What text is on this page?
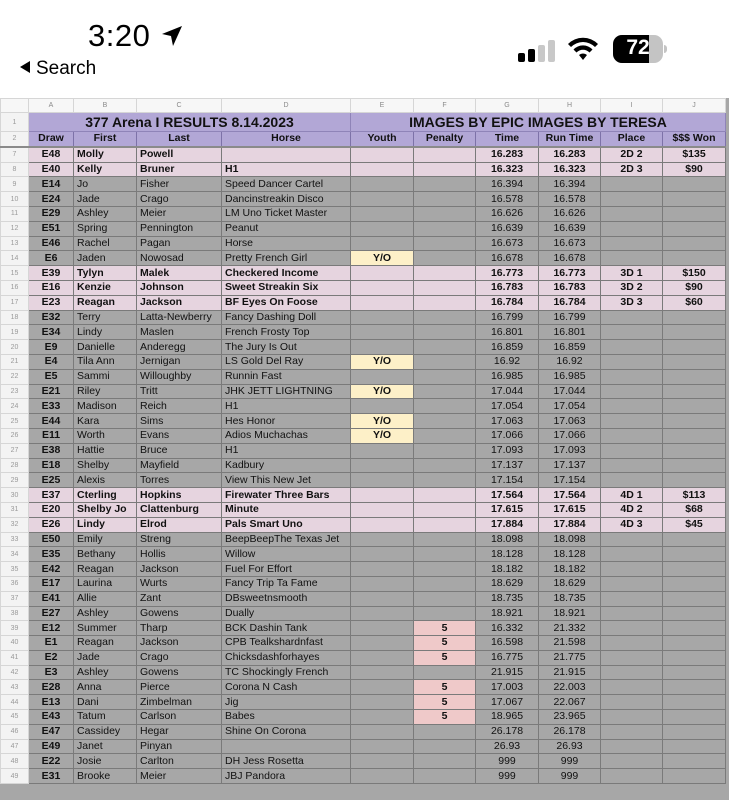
3:20
Search
72
	A	B	C	D	E	F	G	H	I	J
1	377 Arena I RESULTS 8.14.2023				IMAGES BY EPIC IMAGES BY TERESA					
2	Draw	First	Last	Horse	Youth	Penalty	Time	Run Time	Place	$$$ Won
7	E48	Molly	Powell				16.283	16.283	2D 2	$135
8	E40	Kelly	Bruner	H1			16.323	16.323	2D 3	$90
9	E14	Jo	Fisher	Speed Dancer Cartel			16.394	16.394		
10	E24	Jade	Crago	Dancinstreakin Disco			16.578	16.578		
11	E29	Ashley	Meier	LM Uno Ticket Master			16.626	16.626		
12	E51	Spring	Pennington	Peanut			16.639	16.639		
13	E46	Rachel	Pagan	Horse			16.673	16.673		
14	E6	Jaden	Nowosad	Pretty French Girl	Y/O		16.678	16.678		
15	E39	Tylyn	Malek	Checkered Income			16.773	16.773	3D 1	$150
16	E16	Kenzie	Johnson	Sweet Streakin Six			16.783	16.783	3D 2	$90
17	E23	Reagan	Jackson	BF Eyes On Foose			16.784	16.784	3D 3	$60
18	E32	Terry	Latta-Newberry	Fancy Dashing Doll			16.799	16.799		
19	E34	Lindy	Maslen	French Frosty Top			16.801	16.801		
20	E9	Danielle	Anderegg	The Jury Is Out			16.859	16.859		
21	E4	Tila Ann	Jernigan	LS Gold Del Ray	Y/O		16.92	16.92		
22	E5	Sammi	Willoughby	Runnin Fast			16.985	16.985		
23	E21	Riley	Tritt	JHK JETT LIGHTNING	Y/O		17.044	17.044		
24	E33	Madison	Reich	H1			17.054	17.054		
25	E44	Kara	Sims	Hes Honor	Y/O		17.063	17.063		
26	E11	Worth	Evans	Adios Muchachas	Y/O		17.066	17.066		
27	E38	Hattie	Bruce	H1			17.093	17.093		
28	E18	Shelby	Mayfield	Kadbury			17.137	17.137		
29	E25	Alexis	Torres	View This New Jet			17.154	17.154		
30	E37	Cterling	Hopkins	Firewater Three Bars			17.564	17.564	4D 1	$113
31	E20	Shelby Jo	Clattenburg	Minute			17.615	17.615	4D 2	$68
32	E26	Lindy	Elrod	Pals Smart Uno			17.884	17.884	4D 3	$45
33	E50	Emily	Streng	BeepBeepThe Texas Jet			18.098	18.098		
34	E35	Bethany	Hollis	Willow			18.128	18.128		
35	E42	Reagan	Jackson	Fuel For Effort			18.182	18.182		
36	E17	Laurina	Wurts	Fancy Trip Ta Fame			18.629	18.629		
37	E41	Allie	Zant	DBsweetnsmooth			18.735	18.735		
38	E27	Ashley	Gowens	Dually			18.921	18.921		
39	E12	Summer	Tharp	BCK Dashin Tank		5	16.332	21.332		
40	E1	Reagan	Jackson	CPB Tealkshardnfast		5	16.598	21.598		
41	E2	Jade	Crago	Chicksdashforhayes		5	16.775	21.775		
42	E3	Ashley	Gowens	TC Shockingly French			21.915	21.915		
43	E28	Anna	Pierce	Corona N Cash		5	17.003	22.003		
44	E13	Dani	Zimbelman	Jig		5	17.067	22.067		
45	E43	Tatum	Carlson	Babes		5	18.965	23.965		
46	E47	Cassidey	Hegar	Shine On Corona			26.178	26.178		
47	E49	Janet	Pinyan				26.93	26.93		
48	E22	Josie	Carlton	DH Jess Rosetta			999	999		
49	E31	Brooke	Meier	JBJ Pandora			999	999		
